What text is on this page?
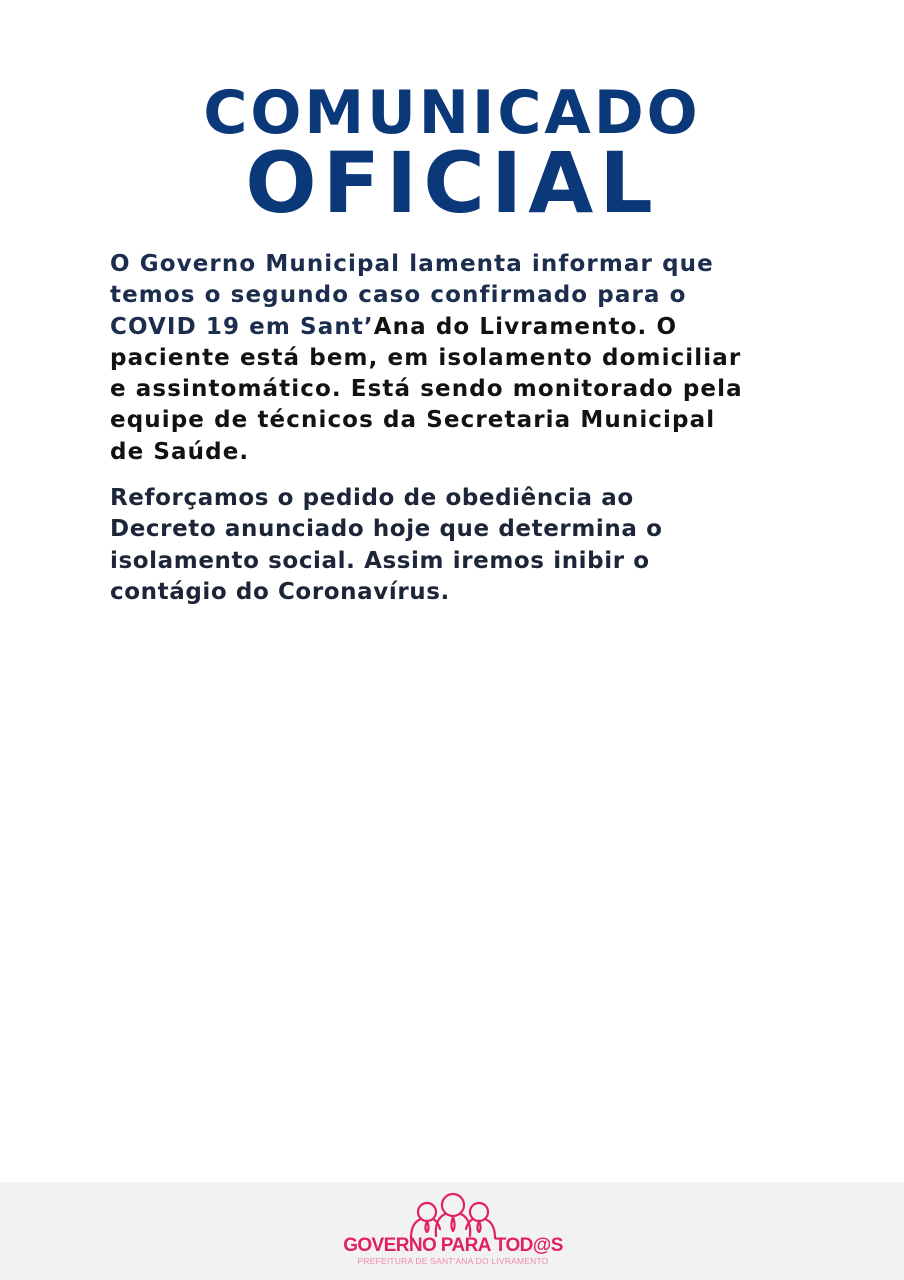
COMUNICADO
OFICIAL
O Governo Municipal lamenta informar que
temos o segundo caso confirmado para o
COVID 19 em Sant’Ana do Livramento. O
paciente está bem, em isolamento domiciliar
e assintomático. Está sendo monitorado pela
equipe de técnicos da Secretaria Municipal
de Saúde.
Reforçamos o pedido de obediência ao
Decreto anunciado hoje que determina o
isolamento social. Assim iremos inibir o
contágio do Coronavírus.
GOVERNO PARA TOD@S
PREFEITURA DE SANT'ANA DO LIVRAMENTO
